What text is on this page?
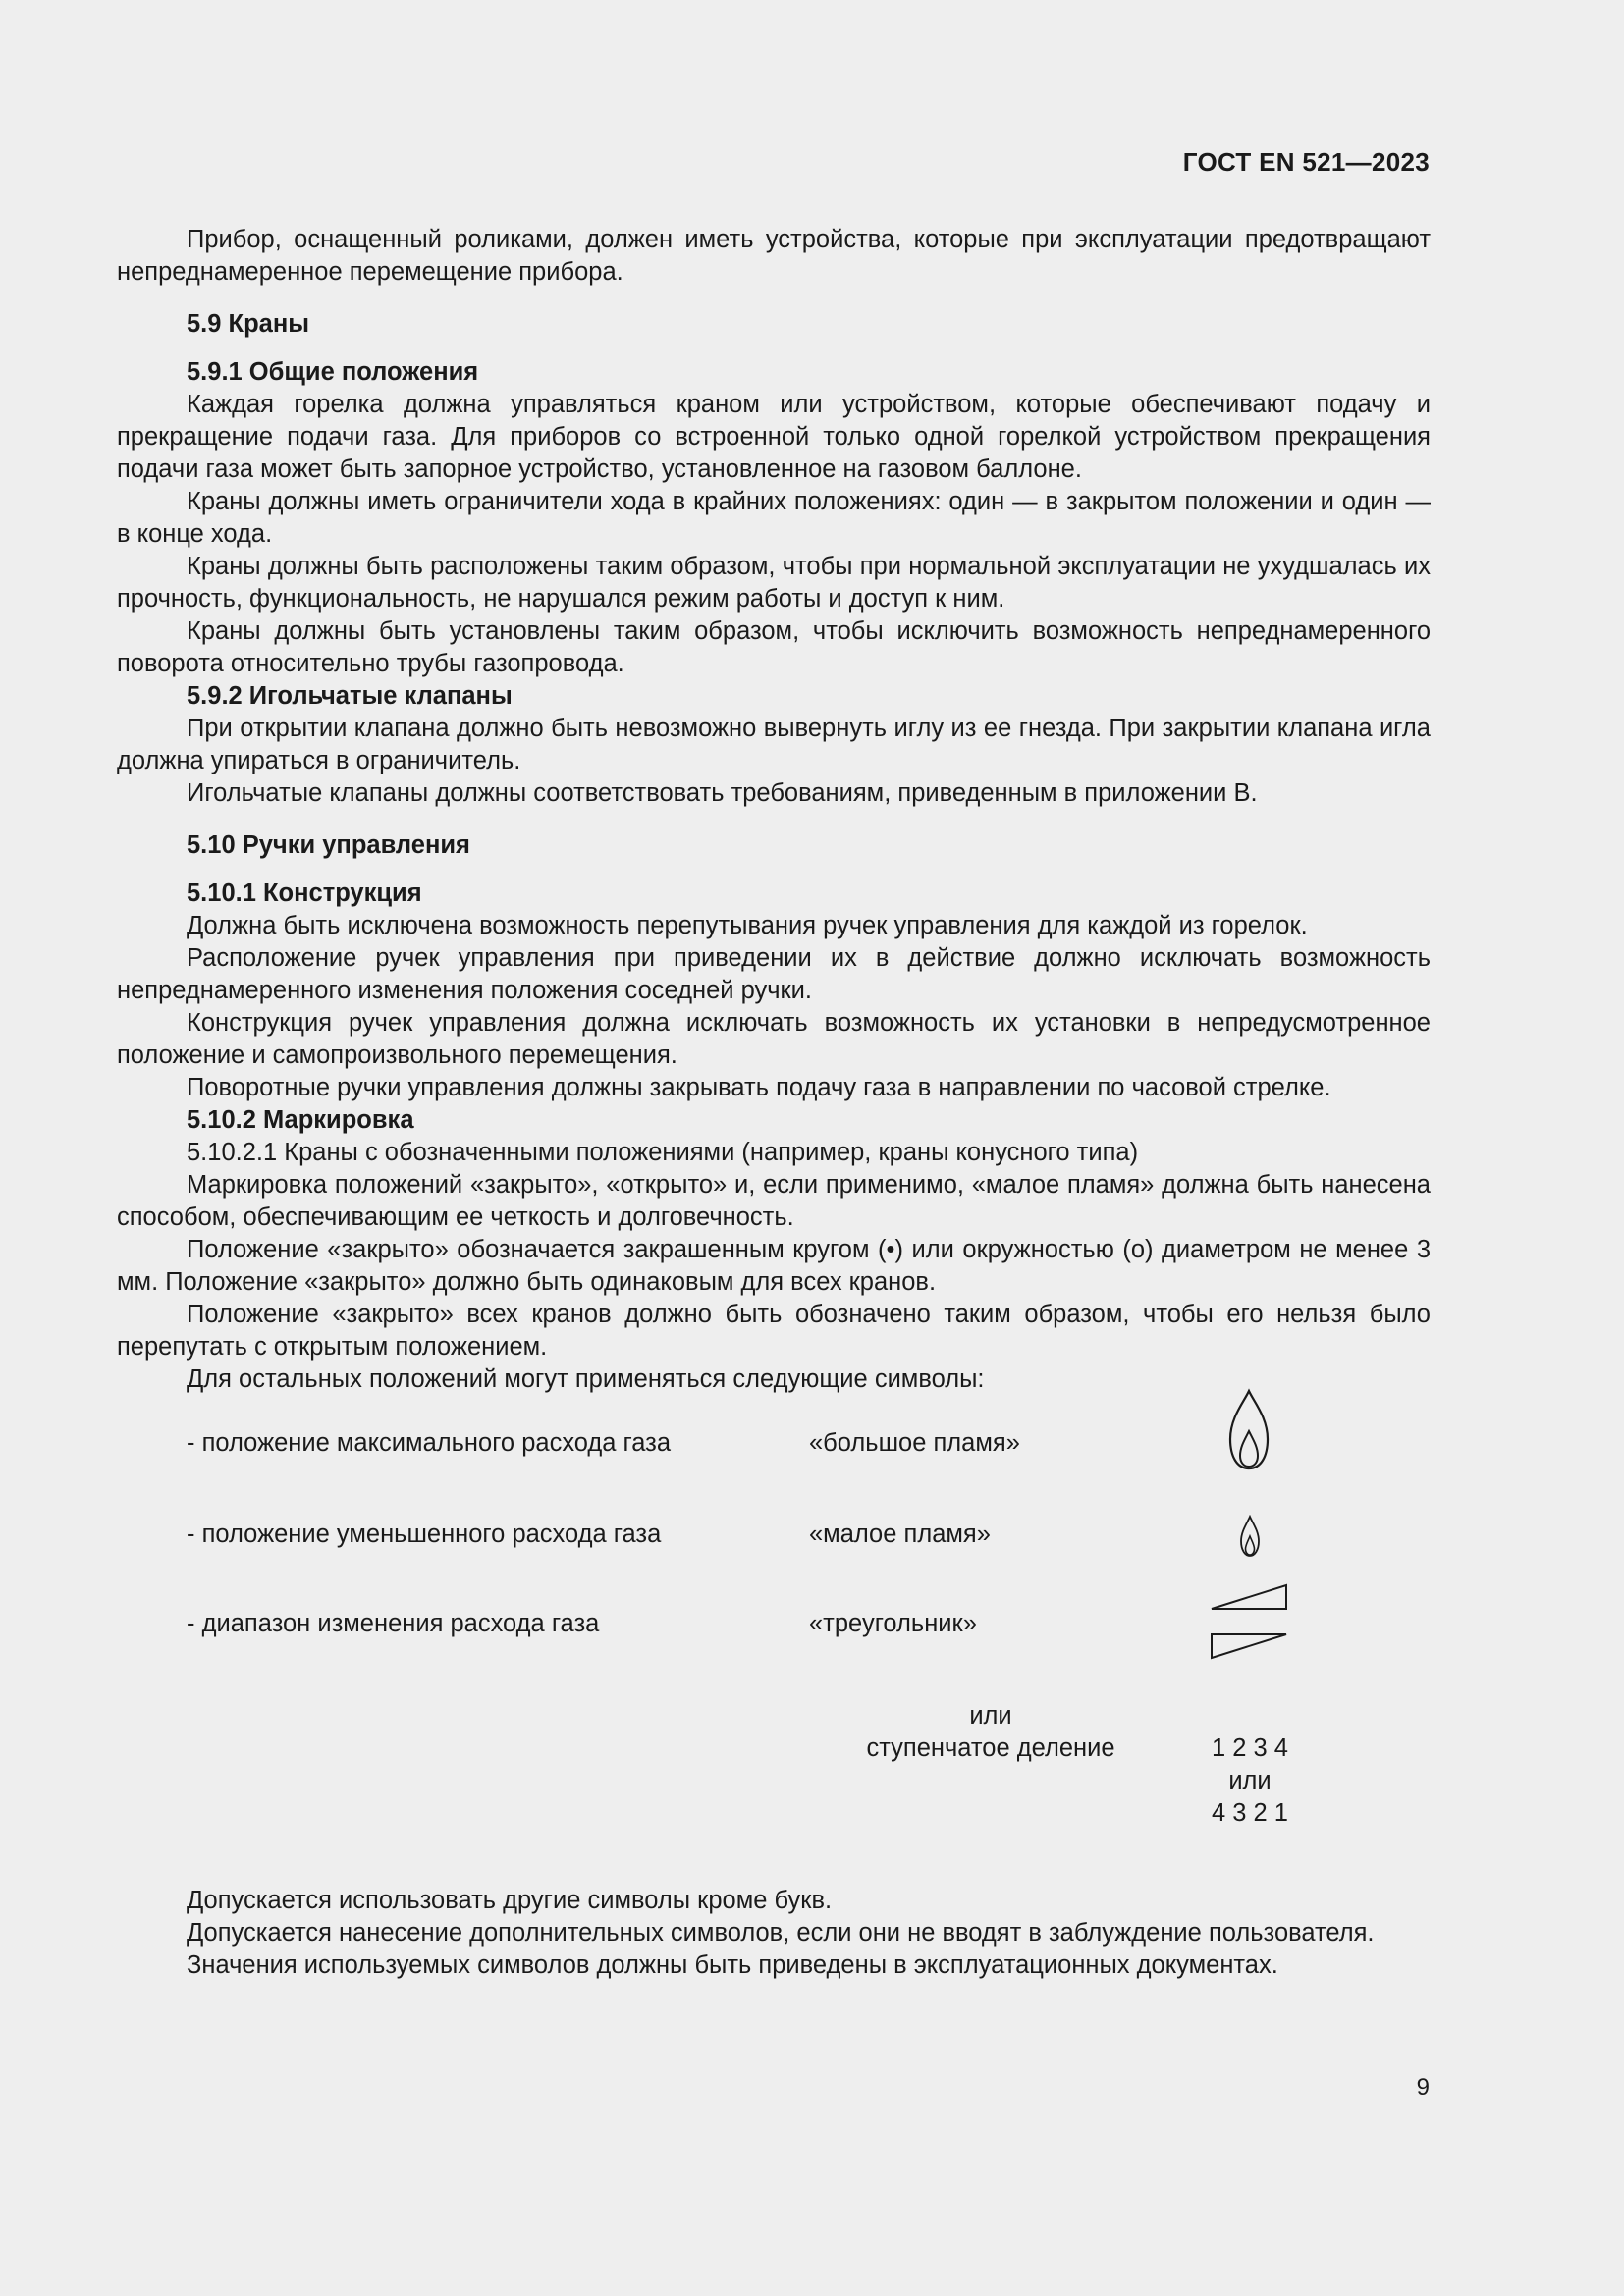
ГОСТ EN 521—2023

Прибор, оснащенный роликами, должен иметь устройства, которые при эксплуатации предотвращают непреднамеренное перемещение прибора.

5.9 Краны

5.9.1 Общие положения

Каждая горелка должна управляться краном или устройством, которые обеспечивают подачу и прекращение подачи газа. Для приборов со встроенной только одной горелкой устройством прекращения подачи газа может быть запорное устройство, установленное на газовом баллоне.

Краны должны иметь ограничители хода в крайних положениях: один — в закрытом положении и один — в конце хода.

Краны должны быть расположены таким образом, чтобы при нормальной эксплуатации не ухудшалась их прочность, функциональность, не нарушался режим работы и доступ к ним.

Краны должны быть установлены таким образом, чтобы исключить возможность непреднамеренного поворота относительно трубы газопровода.

5.9.2 Игольчатые клапаны

При открытии клапана должно быть невозможно вывернуть иглу из ее гнезда. При закрытии клапана игла должна упираться в ограничитель.

Игольчатые клапаны должны соответствовать требованиям, приведенным в приложении В.

5.10 Ручки управления

5.10.1 Конструкция

Должна быть исключена возможность перепутывания ручек управления для каждой из горелок.

Расположение ручек управления при приведении их в действие должно исключать возможность непреднамеренного изменения положения соседней ручки.

Конструкция ручек управления должна исключать возможность их установки в непредусмотренное положение и самопроизвольного перемещения.

Поворотные ручки управления должны закрывать подачу газа в направлении по часовой стрелке.

5.10.2 Маркировка

5.10.2.1 Краны с обозначенными положениями (например, краны конусного типа)

Маркировка положений «закрыто», «открыто» и, если применимо, «малое пламя» должна быть нанесена способом, обеспечивающим ее четкость и долговечность.

Положение «закрыто» обозначается закрашенным кругом (•) или окружностью (о) диаметром не менее 3 мм. Положение «закрыто» должно быть одинаковым для всех кранов.

Положение «закрыто» всех кранов должно быть обозначено таким образом, чтобы его нельзя было перепутать с открытым положением.

Для остальных положений могут применяться следующие символы:

- положение максимального расхода газа	«большое пламя»
- положение уменьшенного расхода газа	«малое пламя»
- диапазон изменения расхода газа	«треугольник»
или
ступенчатое деление	1 2 3 4
или
4 3 2 1

Допускается использовать другие символы кроме букв.

Допускается нанесение дополнительных символов, если они не вводят в заблуждение пользователя.

Значения используемых символов должны быть приведены в эксплуатационных документах.

9
